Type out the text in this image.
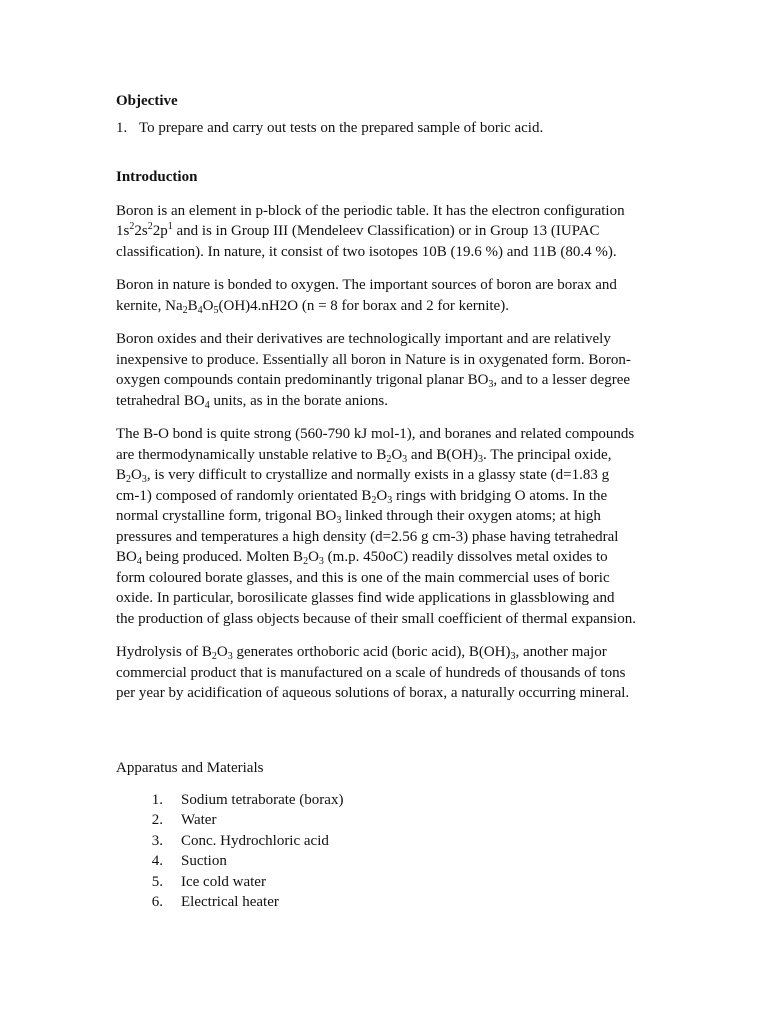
Objective

1. To prepare and carry out tests on the prepared sample of boric acid.

Introduction

Boron is an element in p-block of the periodic table. It has the electron configuration $1s^22s^22p^1$ and is in Group III (Mendeleev Classification) or in Group 13 (IUPAC classification). In nature, it consist of two isotopes 10B (19.6 %) and 11B (80.4 %).

Boron in nature is bonded to oxygen. The important sources of boron are borax and kernite, $Na_2B_4O_5(OH)4.nH2O$ (n = 8 for borax and 2 for kernite).

Boron oxides and their derivatives are technologically important and are relatively inexpensive to produce. Essentially all boron in Nature is in oxygenated form. Boron-oxygen compounds contain predominantly trigonal planar $BO_3$, and to a lesser degree tetrahedral $BO_4$ units, as in the borate anions.

The B-O bond is quite strong (560-790 kJ mol-1), and boranes and related compounds are thermodynamically unstable relative to $B_2O_3$ and $B(OH)_3$. The principal oxide, $B_2O_3$, is very difficult to crystallize and normally exists in a glassy state (d=1.83 g cm-1) composed of randomly orientated $B_2O_3$ rings with bridging O atoms. In the normal crystalline form, trigonal $BO_3$ linked through their oxygen atoms; at high pressures and temperatures a high density (d=2.56 g cm-3) phase having tetrahedral $BO_4$ being produced. Molten $B_2O_3$ (m.p. 450oC) readily dissolves metal oxides to form coloured borate glasses, and this is one of the main commercial uses of boric oxide. In particular, borosilicate glasses find wide applications in glassblowing and the production of glass objects because of their small coefficient of thermal expansion.

Hydrolysis of $B_2O_3$ generates orthoboric acid (boric acid), $B(OH)_3$, another major commercial product that is manufactured on a scale of hundreds of thousands of tons per year by acidification of aqueous solutions of borax, a naturally occurring mineral.

Apparatus and Materials

1. Sodium tetraborate (borax)
2. Water
3. Conc. Hydrochloric acid
4. Suction
5. Ice cold water
6. Electrical heater
